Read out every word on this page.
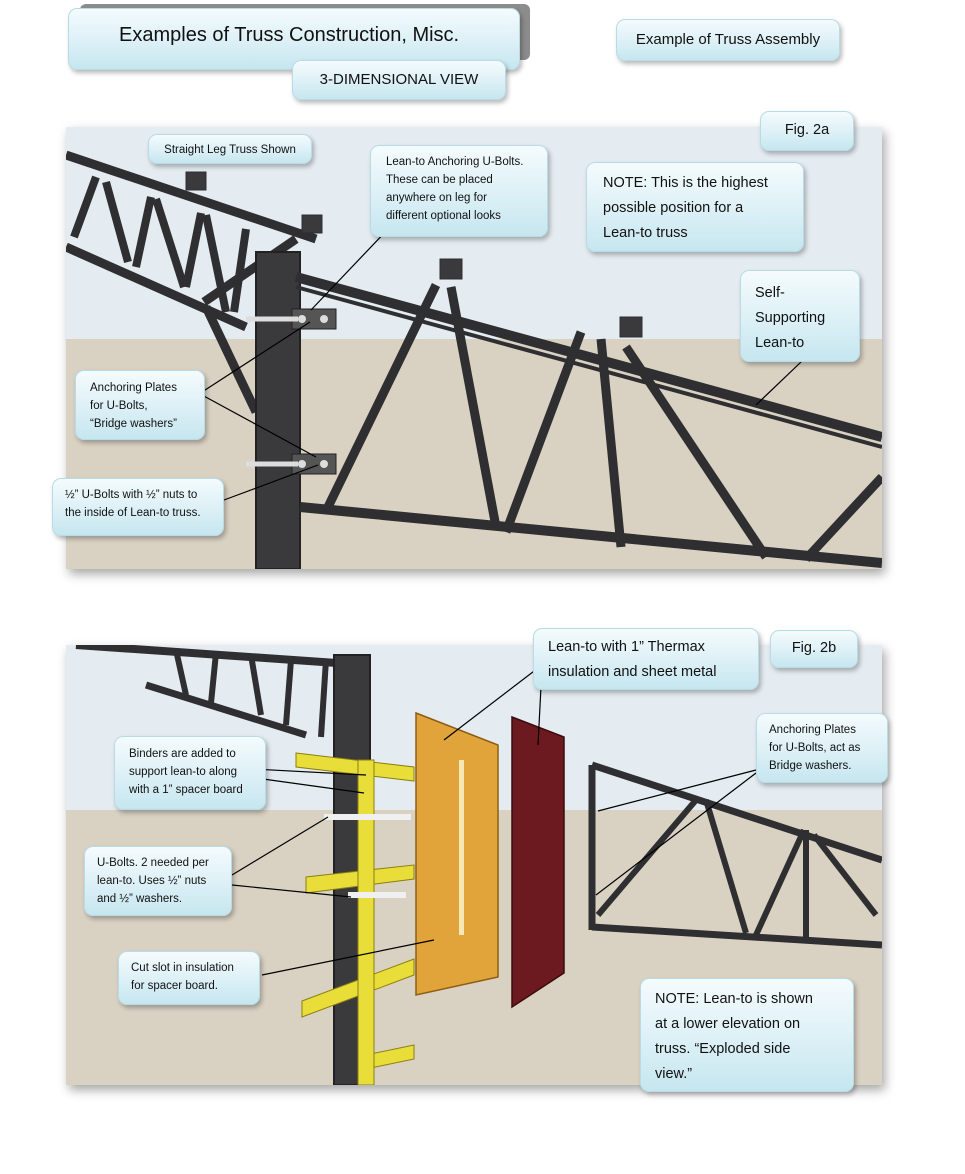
Examples of Truss Construction, Misc.
3-DIMENSIONAL VIEW
Example of Truss Assembly
Fig. 2a
Straight Leg Truss Shown
Lean-to Anchoring U-Bolts.
These can be placed
anywhere on leg for
different optional looks
NOTE: This is the highest
possible position for a
Lean-to truss
Self-
Supporting
Lean-to
Anchoring Plates
for U-Bolts,
“Bridge washers”
½” U-Bolts with ½” nuts to
the inside of Lean-to truss.
Lean-to with 1” Thermax
insulation and sheet metal
Fig. 2b
Anchoring Plates
for U-Bolts, act as
Bridge washers.
Binders are added to
support lean-to along
with a 1” spacer board
U-Bolts. 2 needed per
lean-to. Uses ½” nuts
and ½” washers.
Cut slot in insulation
for spacer board.
NOTE: Lean-to is shown
at a lower elevation on
truss. “Exploded side
view.”
